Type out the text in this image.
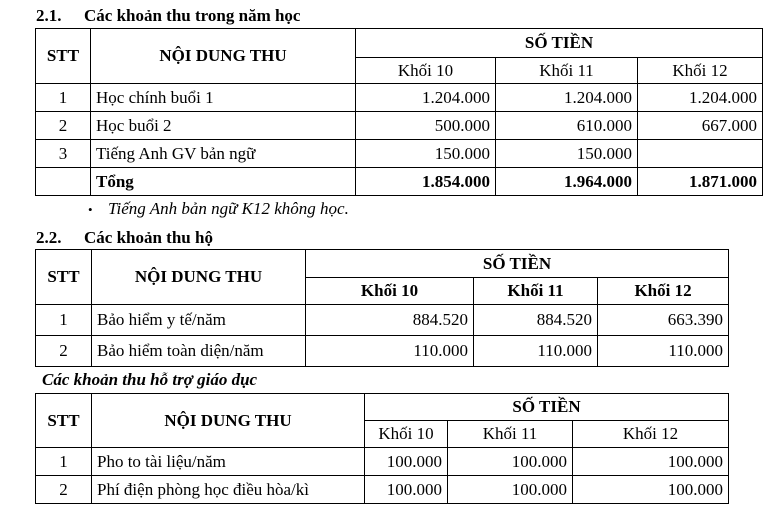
2.1. Các khoản thu trong năm học
STT	NỘI DUNG THU	SỐ TIỀN		
		Khối 10	Khối 11	Khối 12
1	Học chính buổi 1	1.204.000	1.204.000	1.204.000
2	Học buổi 2	500.000	610.000	667.000
3	Tiếng Anh GV bản ngữ	150.000	150.000	
	Tổng	1.854.000	1.964.000	1.871.000
• Tiếng Anh bản ngữ K12 không học.
2.2. Các khoản thu hộ
STT	NỘI DUNG THU	SỐ TIỀN		
		Khối 10	Khối 11	Khối 12
1	Bảo hiểm y tế/năm	884.520	884.520	663.390
2	Bảo hiểm toàn diện/năm	110.000	110.000	110.000
Các khoản thu hỗ trợ giáo dục
STT	NỘI DUNG THU	SỐ TIỀN		
		Khối 10	Khối 11	Khối 12
1	Pho to tài liệu/năm	100.000	100.000	100.000
2	Phí điện phòng học điều hòa/kì	100.000	100.000	100.000
